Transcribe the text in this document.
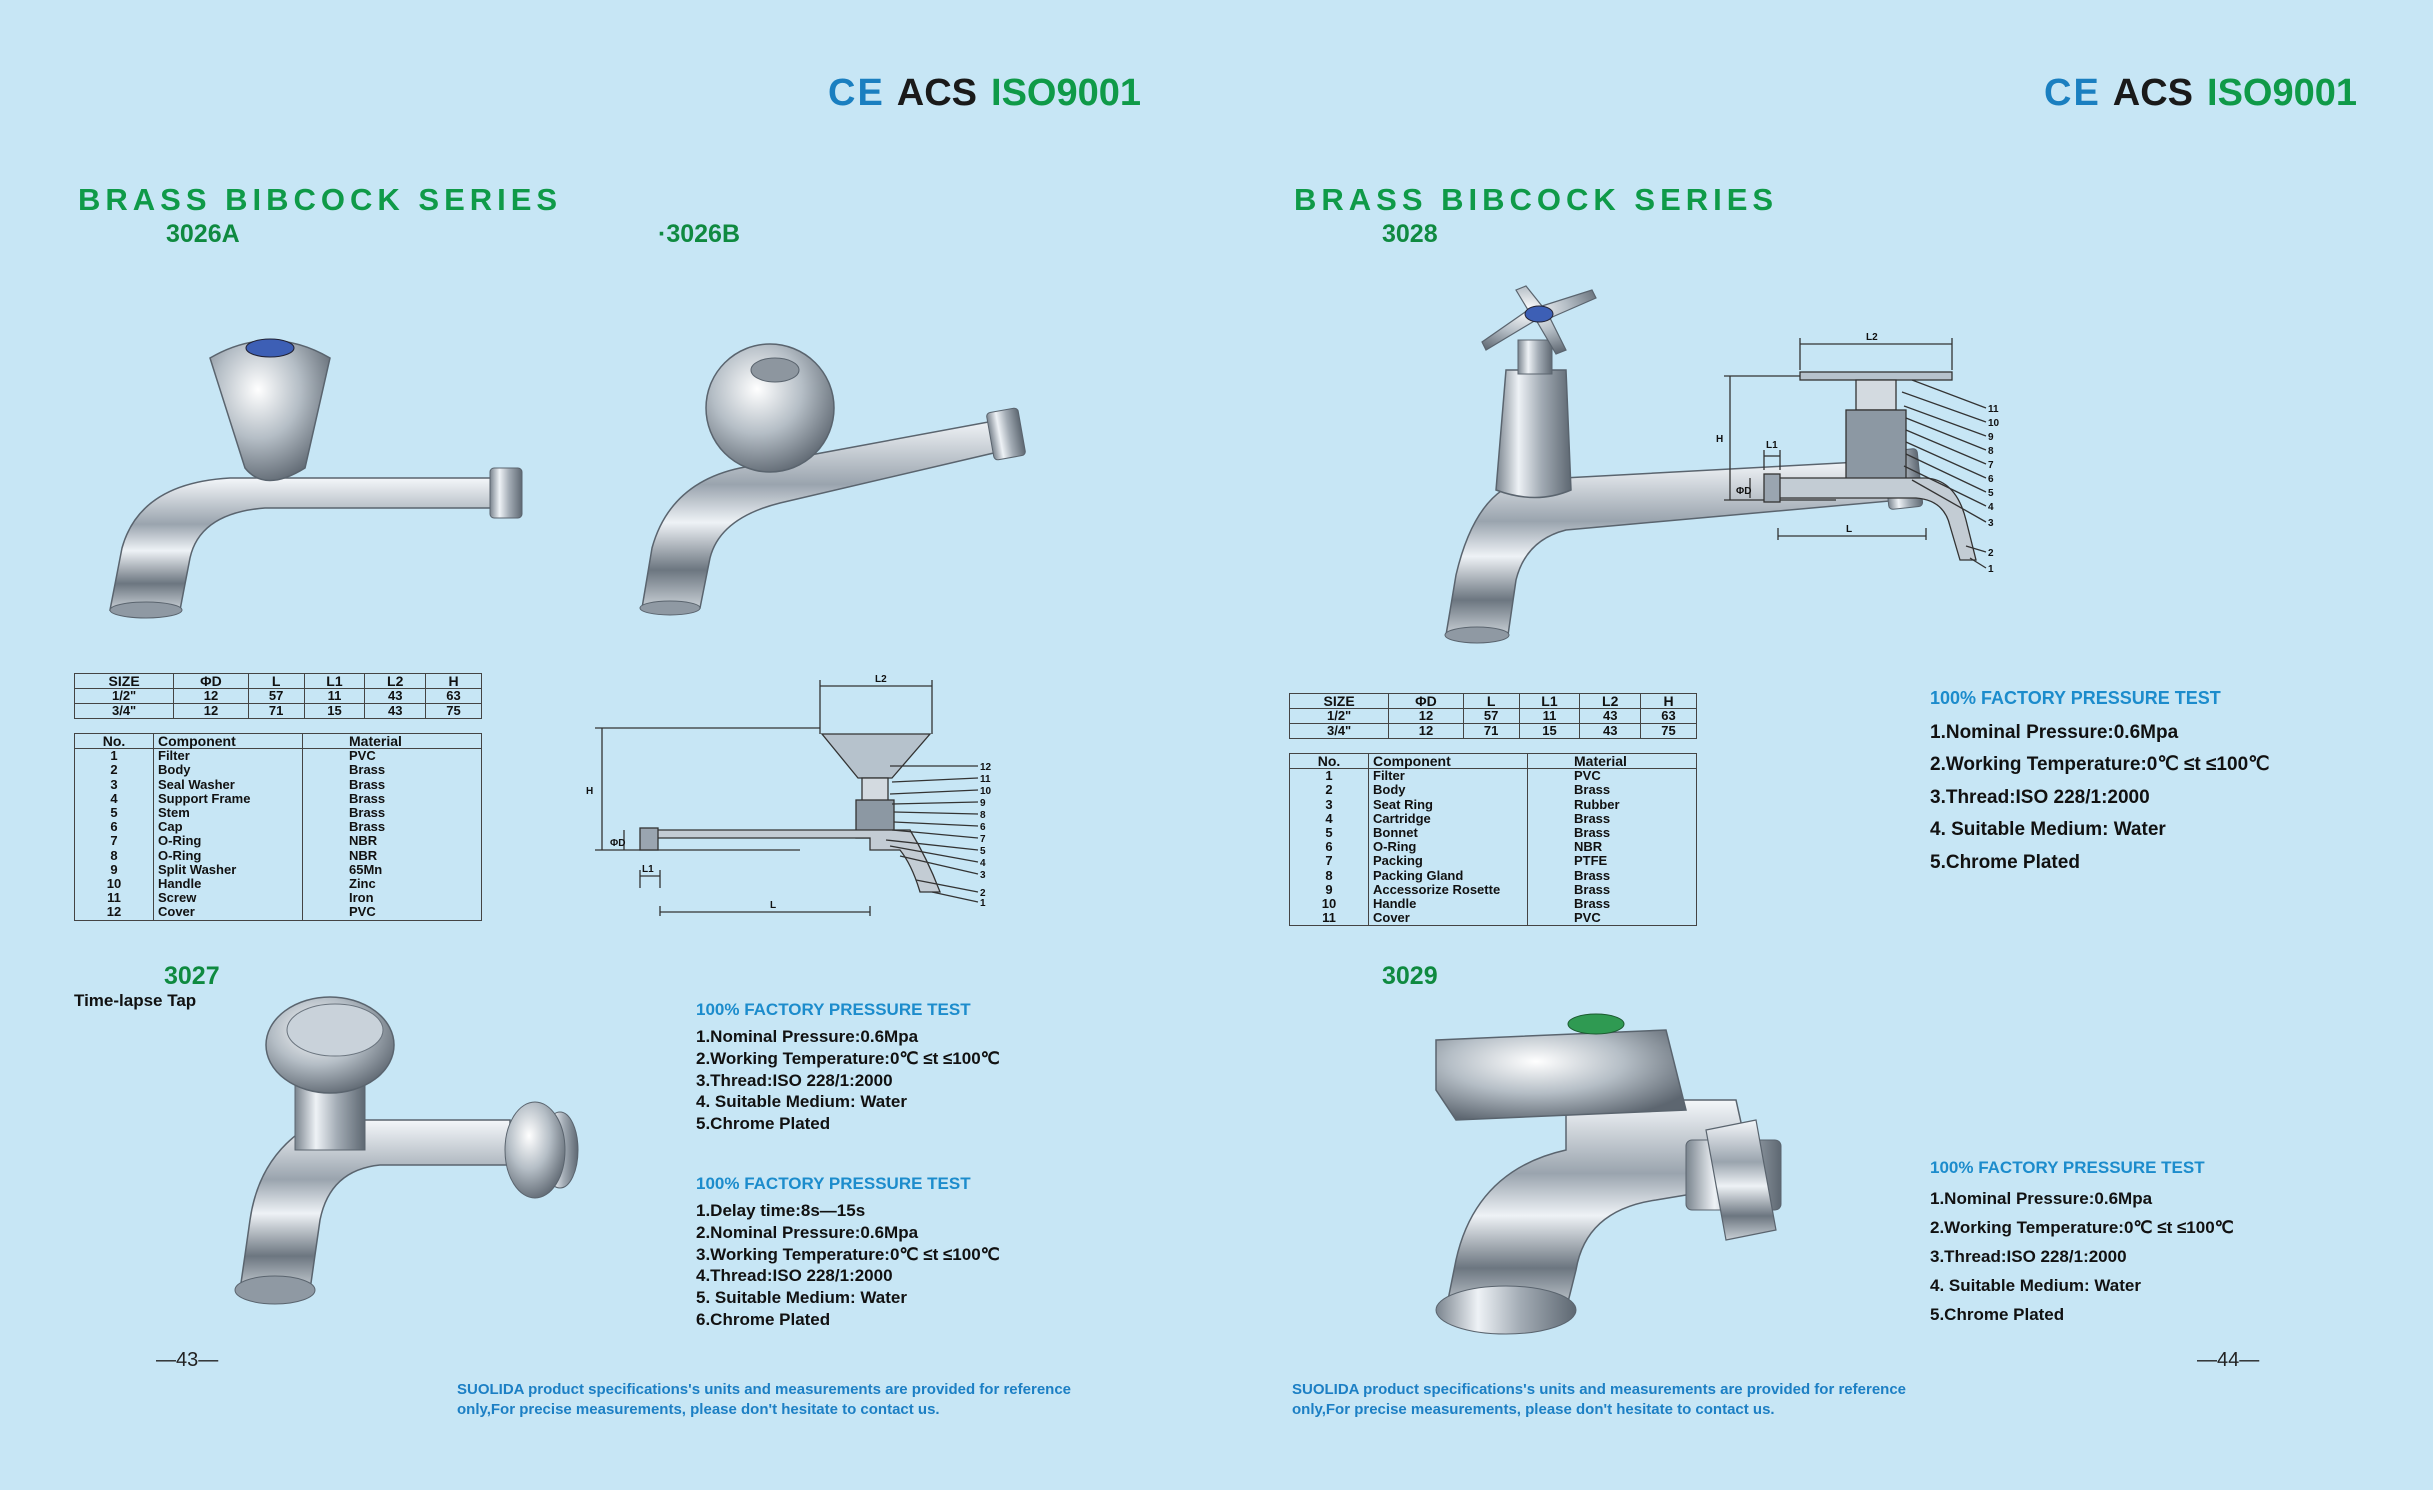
CE ACS ISO9001
BRASS BIBCOCK SERIES
3026A	·3026B
SIZE	ΦD	L	L1	L2	H
1/2"	12	57	11	43	63
3/4"	12	71	15	43	75
No.	Component	Material
1	Filter	PVC
2	Body	Brass
3	Seal Washer	Brass
4	Support Frame	Brass
5	Stem	Brass
6	Cap	Brass
7	O-Ring	NBR
8	O-Ring	NBR
9	Split Washer	65Mn
10	Handle	Zinc
11	Screw	Iron
12	Cover	PVC
L2
H
ΦD
L1
L
12
11
10
9
8
6
7
5
4
3
2
1
3027
Time-lapse Tap	100% FACTORY PRESSURE TEST
1.Nominal Pressure:0.6Mpa
2.Working Temperature:0℃ ≤t ≤100℃
3.Thread:ISO 228/1:2000
4. Suitable Medium: Water
5.Chrome Plated
100% FACTORY PRESSURE TEST
1.Delay time:8s—15s
2.Nominal Pressure:0.6Mpa
3.Working Temperature:0℃ ≤t ≤100℃
4.Thread:ISO 228/1:2000
5. Suitable Medium: Water
6.Chrome Plated
—43—
SUOLIDA product specifications's units and measurements are provided for reference
only,For precise measurements, please don't hesitate to contact us.
CE ACS ISO9001
BRASS BIBCOCK SERIES
3028
L2
H
ΦD
L1
L
11
10
9
8
7
6
5
4
3
2
1
SIZE	ΦD	L	L1	L2	H
1/2"	12	57	11	43	63
3/4"	12	71	15	43	75
No.	Component	Material
1	Filter	PVC
2	Body	Brass
3	Seat Ring	Rubber
4	Cartridge	Brass
5	Bonnet	Brass
6	O-Ring	NBR
7	Packing	PTFE
8	Packing Gland	Brass
9	Accessorize Rosette	Brass
10	Handle	Brass
11	Cover	PVC
100% FACTORY PRESSURE TEST
1.Nominal Pressure:0.6Mpa
2.Working Temperature:0℃ ≤t ≤100℃
3.Thread:ISO 228/1:2000
4. Suitable Medium: Water
5.Chrome Plated
3029
100% FACTORY PRESSURE TEST
1.Nominal Pressure:0.6Mpa
2.Working Temperature:0℃ ≤t ≤100℃
3.Thread:ISO 228/1:2000
4. Suitable Medium: Water
5.Chrome Plated
—44—
SUOLIDA product specifications's units and measurements are provided for reference
only,For precise measurements, please don't hesitate to contact us.
